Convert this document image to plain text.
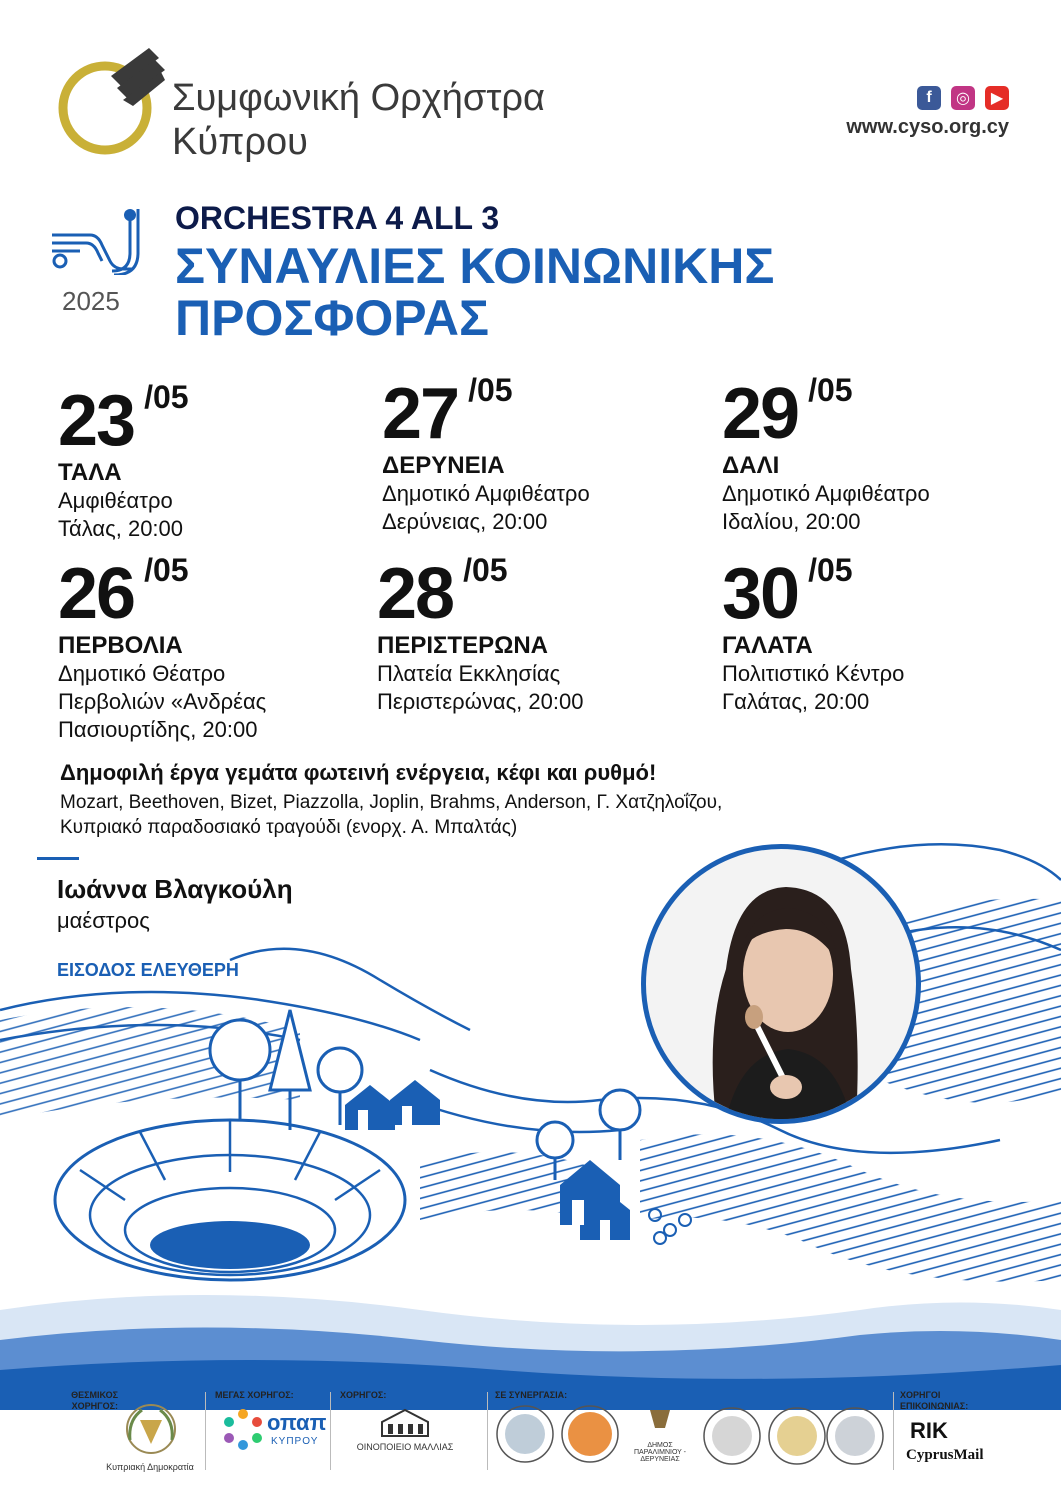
Συμφωνική Ορχήστρα
Κύπρου
f	◎	▶
www.cyso.org.cy
2025
ORCHESTRA 4 ALL 3
ΣΥΝΑΥΛΙΕΣ ΚΟΙΝΩΝΙΚΗΣ
ΠΡΟΣΦΟΡΑΣ
23 /05
ΤΑΛΑ
Αμφιθέατρο
Τάλας, 20:00
27 /05
ΔΕΡΥΝΕΙΑ
Δημοτικό Αμφιθέατρο
Δερύνειας, 20:00
29 /05
ΔΑΛΙ
Δημοτικό Αμφιθέατρο
Ιδαλίου, 20:00
26 /05
ΠΕΡΒΟΛΙΑ
Δημοτικό Θέατρο
Περβολιών «Ανδρέας
Πασιουρτίδης, 20:00
28 /05
ΠΕΡΙΣΤΕΡΩΝΑ
Πλατεία Εκκλησίας
Περιστερώνας, 20:00
30 /05
ΓΑΛΑΤΑ
Πολιτιστικό Κέντρο
Γαλάτας, 20:00
Δημοφιλή έργα γεμάτα φωτεινή ενέργεια, κέφι και ρυθμό!
Mozart, Beethoven, Bizet, Piazzolla, Joplin, Brahms, Anderson, Γ. Χατζηλοΐζου,
Κυπριακό παραδοσιακό τραγούδι (ενορχ. Α. Μπαλτάς)
Ιωάννα Βλαγκούλη
μαέστρος
ΕΙΣΟΔΟΣ ΕΛΕΥΘΕΡΗ
ΘΕΣΜΙΚΟΣ
ΧΟΡΗΓΟΣ:
Κυπριακή Δημοκρατία
ΜΕΓΑΣ ΧΟΡΗΓΟΣ:
οπαπ
ΚΥΠΡΟΥ
ΧΟΡΗΓΟΣ:
ΟΙΝΟΠΟΙΕΙΟ ΜΑΛΛΙΑΣ
ΣΕ ΣΥΝΕΡΓΑΣΙΑ:
ΔΗΜΟΣ
ΠΑΡΑΛΙΜΝΙΟΥ - ΔΕΡΥΝΕΙΑΣ
ΧΟΡΗΓΟΙ
ΕΠΙΚΟΙΝΩΝΙΑΣ:
RIK
CyprusMail
